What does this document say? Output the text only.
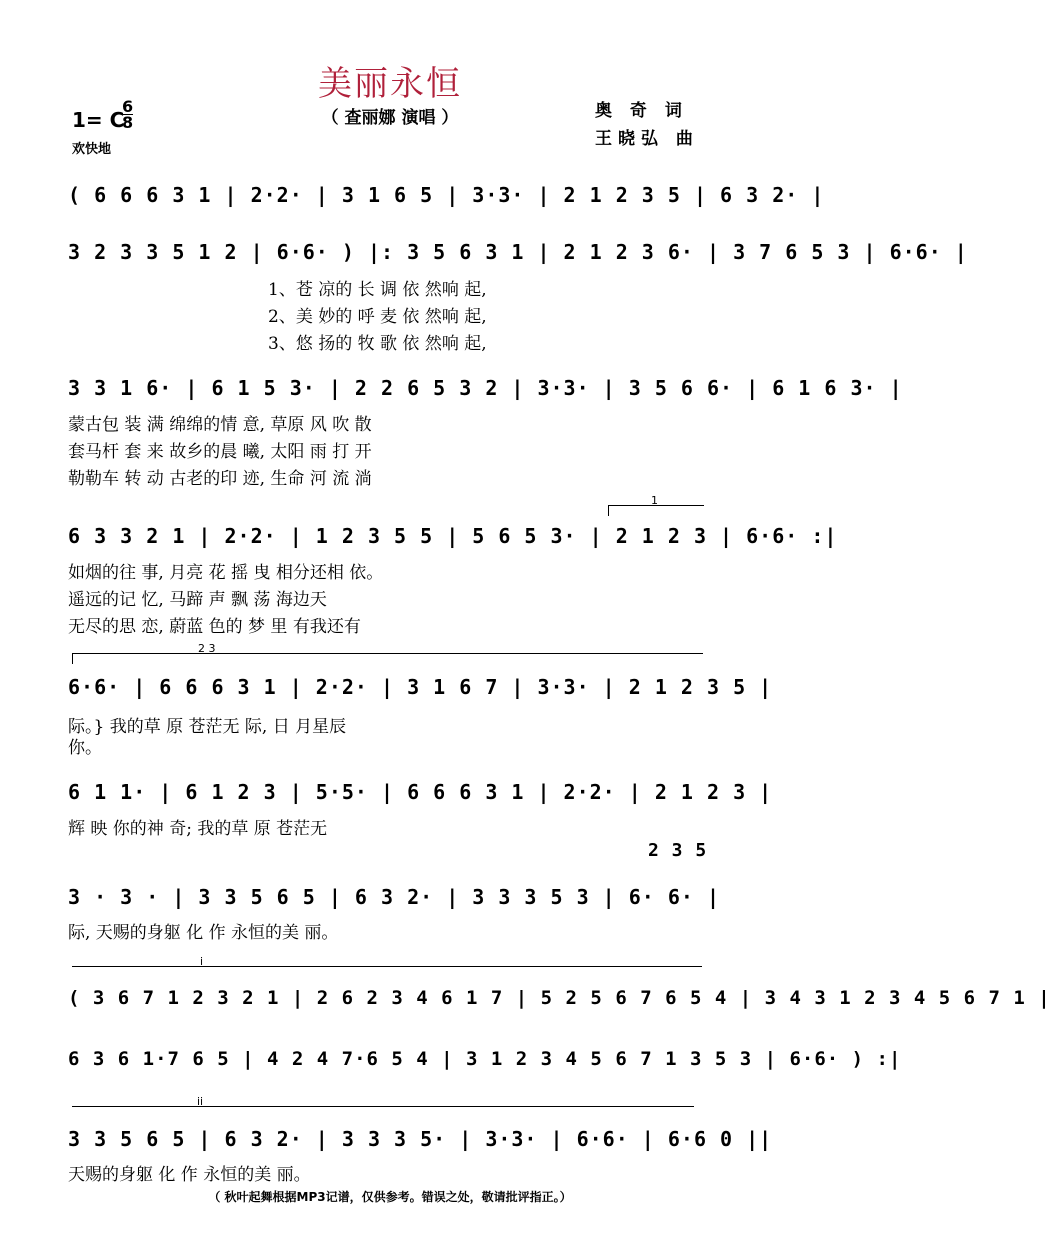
美丽永恒
（ 查丽娜 演唱 ）
1= C
6
8
欢快地
奥 奇 词
王晓弘 曲
( 6 6 6 3 1 | 2·2· | 3 1 6 5 | 3·3· | 2 1 2 3 5 | 6 3 2· |
3 2 3 3 5 1 2 | 6·6· ) |: 3 5 6 3 1 | 2 1 2 3 6· | 3 7 6 5 3 | 6·6· |
1、苍 凉的 长 调 依 然响 起,
2、美 妙的 呼 麦 依 然响 起,
3、悠 扬的 牧 歌 依 然响 起,
3 3 1 6· | 6 1 5 3· | 2 2 6 5 3 2 | 3·3· | 3 5 6 6· | 6 1 6 3· |
蒙古包 装 满 绵绵的情 意, 草原 风 吹 散
套马杆 套 来 故乡的晨 曦, 太阳 雨 打 开
勒勒车 转 动 古老的印 迹, 生命 河 流 淌
1
6 3 3 2 1 | 2·2· | 1 2 3 5 5 | 5 6 5 3· | 2 1 2 3 | 6·6· :|
如烟的往 事, 月亮 花 摇 曳 相分还相 依。
遥远的记 忆, 马蹄 声 飘 荡 海边天
无尽的思 恋, 蔚蓝 色的 梦 里 有我还有
2 3
6·6· | 6 6 6 3 1 | 2·2· | 3 1 6 7 | 3·3· | 2 1 2 3 5 |
际。} 我的草 原 苍茫无 际, 日 月星辰
你。
6 1 1· | 6 1 2 3 | 5·5· | 6 6 6 3 1 | 2·2· | 2 1 2 3 |
辉 映 你的神 奇; 我的草 原 苍茫无
2 3 5
3 · 3 · | 3 3 5 6 5 | 6 3 2· | 3 3 3 5 3 | 6· 6· |
际, 天赐的身躯 化 作 永恒的美 丽。
i
( 3 6 7 1 2 3 2 1 | 2 6 2 3 4 6 1 7 | 5 2 5 6 7 6 5 4 | 3 4 3 1 2 3 4 5 6 7 1 |
6 3 6 1·7 6 5 | 4 2 4 7·6 5 4 | 3 1 2 3 4 5 6 7 1 3 5 3 | 6·6· ) :|
ii
3 3 5 6 5 | 6 3 2· | 3 3 3 5· | 3·3· | 6·6· | 6·6 0 ||
天赐的身躯 化 作 永恒的美 丽。
（ 秋叶起舞根据MP3记谱，仅供参考。错误之处，敬请批评指正。）
